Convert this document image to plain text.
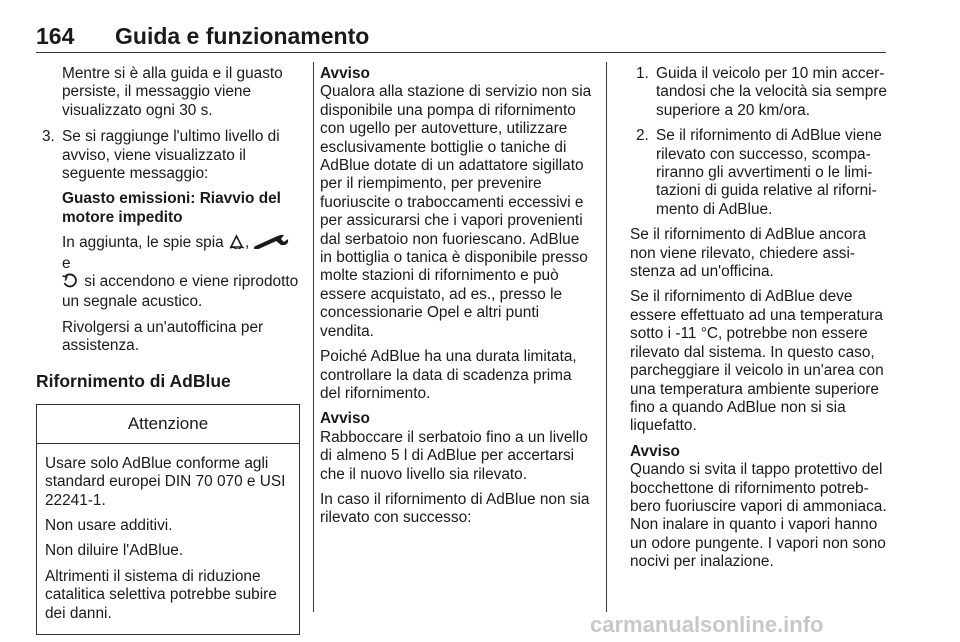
164 Guida e funzionamento

Mentre si è alla guida e il guasto persiste, il messaggio viene visualizzato ogni 30 s.

3. Se si raggiunge l'ultimo livello di avviso, viene visualizzato il seguente messaggio:

Guasto emissioni: Riavvio del motore impedito

In aggiunta, le spie spia ,  e
si accendono e viene riprodotto un segnale acustico.

Rivolgersi a un'autofficina per assistenza.

Rifornimento di AdBlue
Attenzione

Usare solo AdBlue conforme agli standard europei DIN 70 070 e USI 22241-1.

Non usare additivi.

Non diluire l'AdBlue.

Altrimenti il sistema di riduzione catalitica selettiva potrebbe subire dei danni.

Avviso

Qualora alla stazione di servizio non sia disponibile una pompa di rifornimento con ugello per autovetture, utilizzare esclusivamente bottiglie o taniche di AdBlue dotate di un adattatore sigillato per il riempimento, per prevenire fuoriuscite o traboccamenti eccessivi e per assicurarsi che i vapori provenienti dal serbatoio non fuoriescano. AdBlue in bottiglia o tanica è disponibile presso molte stazioni di rifornimento e può essere acquistato, ad es., presso le concessionarie Opel e altri punti vendita.

Poiché AdBlue ha una durata limitata, controllare la data di scadenza prima del rifornimento.

Avviso

Rabboccare il serbatoio fino a un livello di almeno 5 l di AdBlue per accertarsi che il nuovo livello sia rilevato.

In caso il rifornimento di AdBlue non sia rilevato con successo:

1. Guida il veicolo per 10 min accertandosi che la velocità sia sempre superiore a 20 km/ora.
2. Se il rifornimento di AdBlue viene rilevato con successo, scompariranno gli avvertimenti o le limitazioni di guida relative al rifornimento di AdBlue.

Se il rifornimento di AdBlue ancora non viene rilevato, chiedere assistenza ad un'officina.

Se il rifornimento di AdBlue deve essere effettuato ad una temperatura sotto i -11 °C, potrebbe non essere rilevato dal sistema. In questo caso, parcheggiare il veicolo in un'area con una temperatura ambiente superiore fino a quando AdBlue non si sia liquefatto.

Avviso

Quando si svita il tappo protettivo del bocchettone di rifornimento potrebbero fuoriuscire vapori di ammoniaca. Non inalare in quanto i vapori hanno un odore pungente. I vapori non sono nocivi per inalazione.

carmanualsonline.info
